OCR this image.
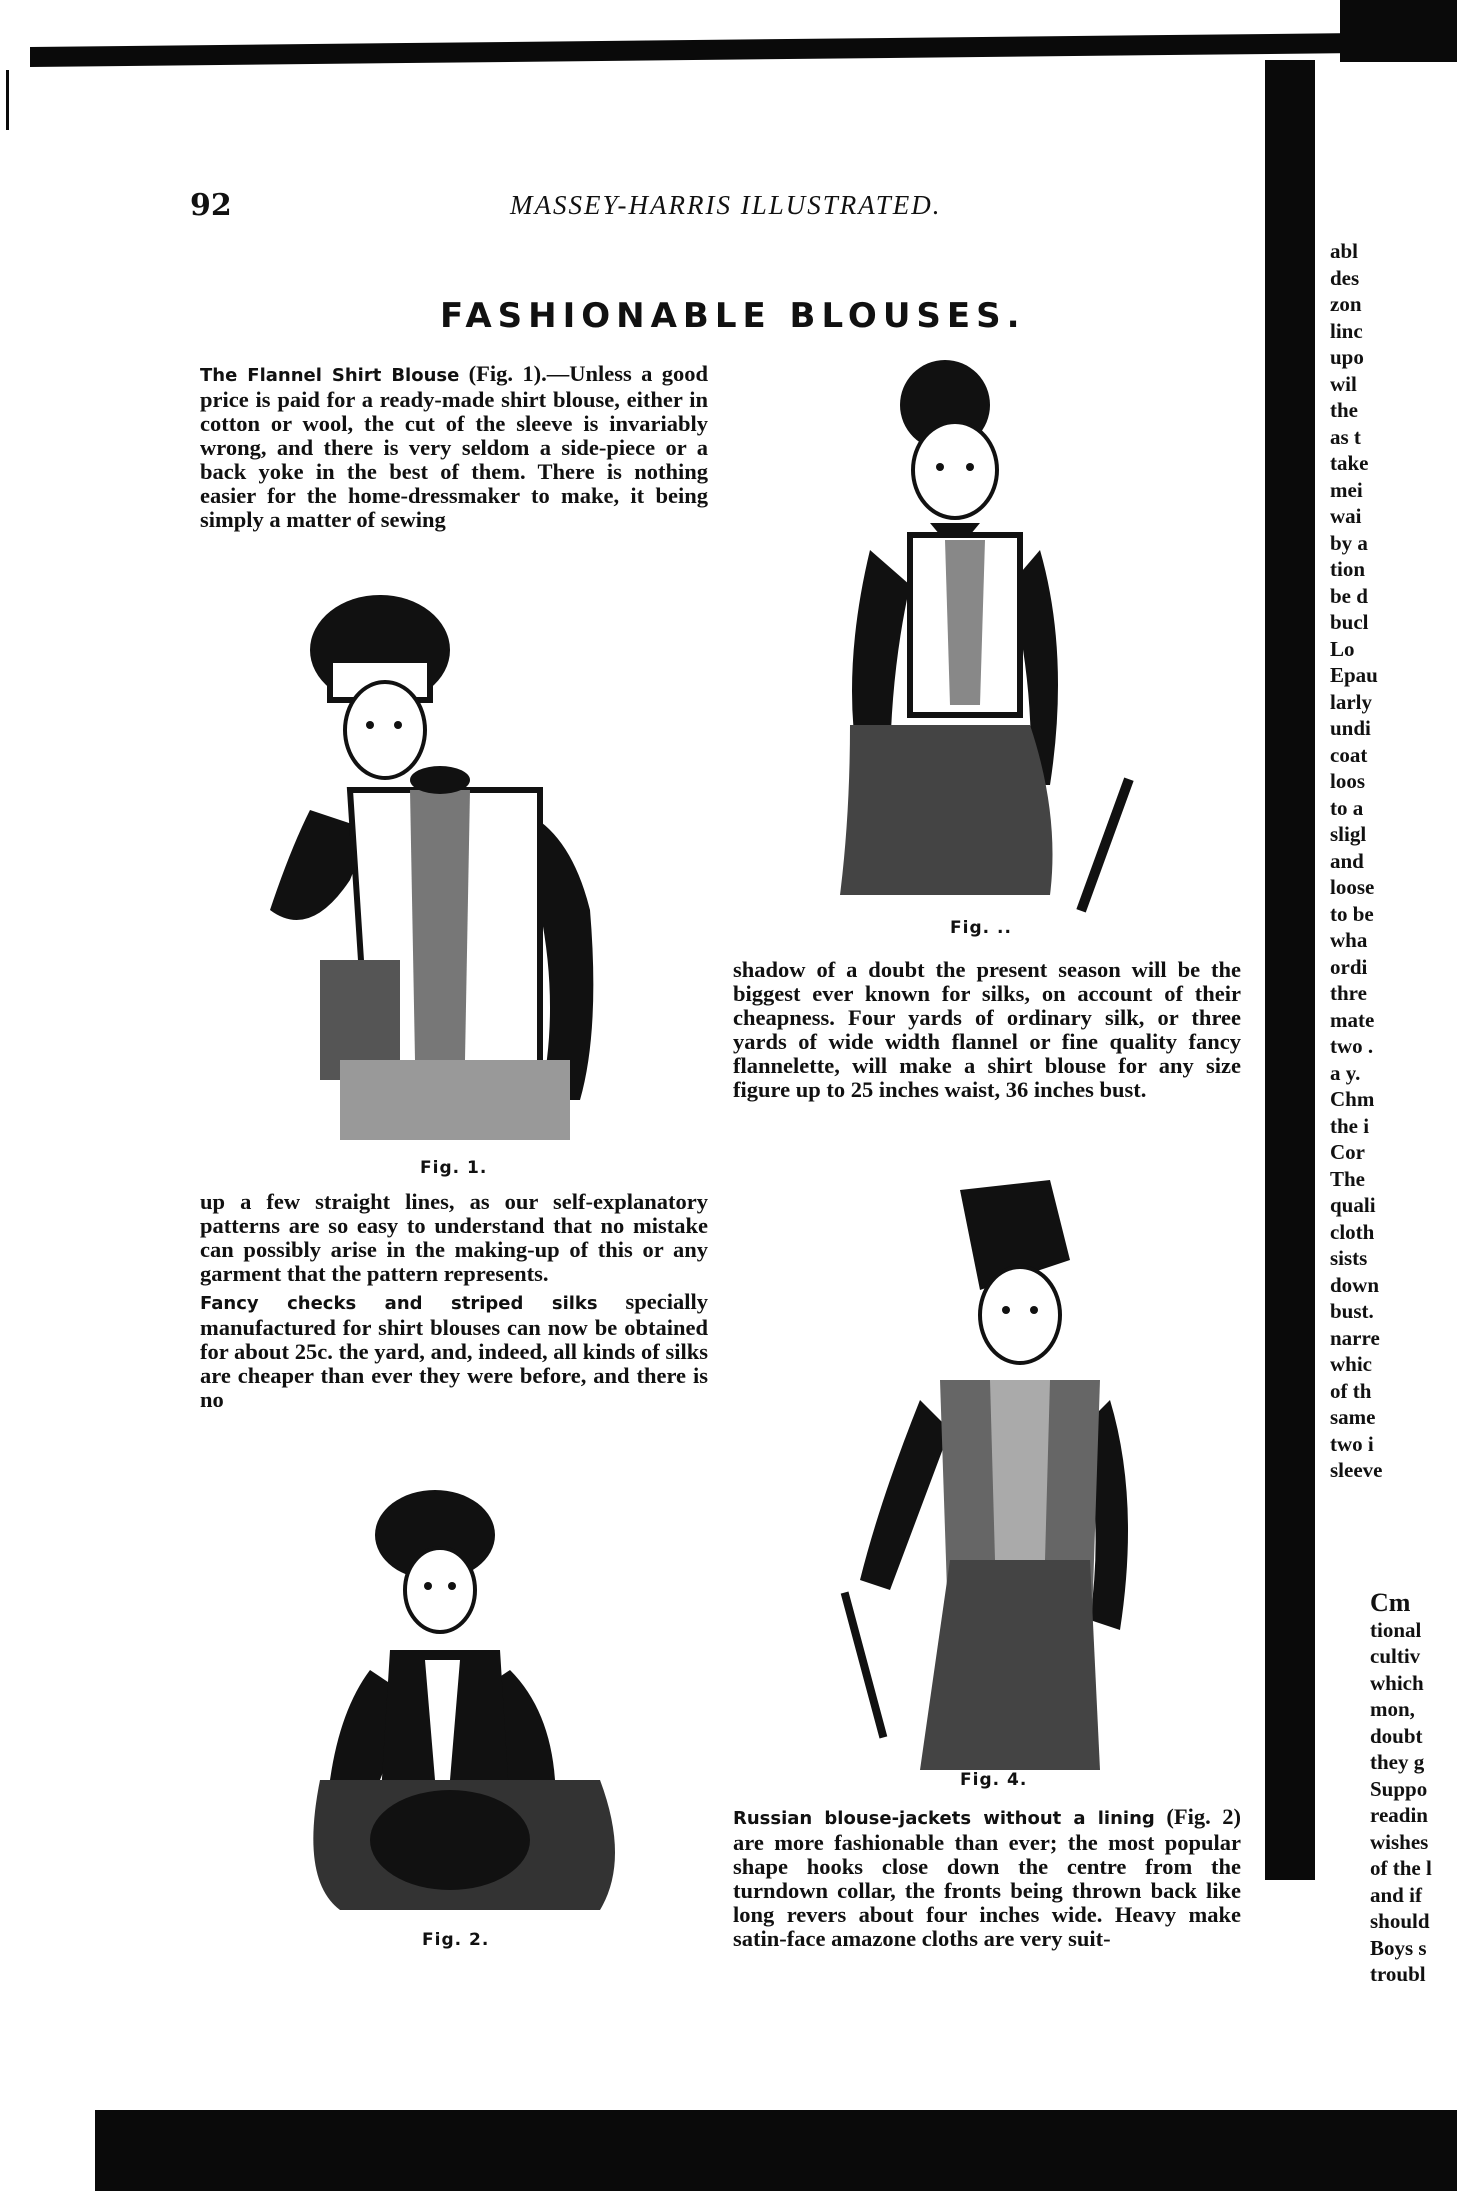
92	MASSEY-HARRIS ILLUSTRATED.
FASHIONABLE BLOUSES.

The Flannel Shirt Blouse (Fig. 1).—Unless a good price is paid for a ready-made shirt blouse, either in cotton or wool, the cut of the sleeve is invariably wrong, and there is very seldom a side-piece or a back yoke in the best of them. There is nothing easier for the home-dressmaker to make, it being simply a matter of sewing

Fig. 1.

up a few straight lines, as our self-explanatory patterns are so easy to understand that no mistake can possibly arise in the making-up of this or any garment that the pattern represents.

Fancy checks and striped silks specially manufactured for shirt blouses can now be obtained for about 25c. the yard, and, indeed, all kinds of silks are cheaper than ever they were before, and there is no

Fig. 2.
Fig. ..

shadow of a doubt the present season will be the biggest ever known for silks, on account of their cheapness. Four yards of ordinary silk, or three yards of wide width flannel or fine quality fancy flannelette, will make a shirt blouse for any size figure up to 25 inches waist, 36 inches bust.

Fig. 4.

Russian blouse-jackets without a lining (Fig. 2) are more fashionable than ever; the most popular shape hooks close down the centre from the turndown collar, the fronts being thrown back like long revers about four inches wide. Heavy make satin-face amazone cloths are very suit-

abl
des
zon
linc
upo
wil
the
as t
take
mei
wai
by a
tion
be d
bucl
Lo
Epau
larly
undi
coat
loos
to a
sligl
and
loose
to be
wha
ordi
thre
mate
two .
a y.
Chm
the i
Cor
The
quali
cloth
sists
down
bust.
narre
whic
of th
same
two i
sleeve
Cm
tional
cultiv
which
mon,
doubt
they g
Suppo
readin
wishes
of the l
and if
should
Boys s
troubl
